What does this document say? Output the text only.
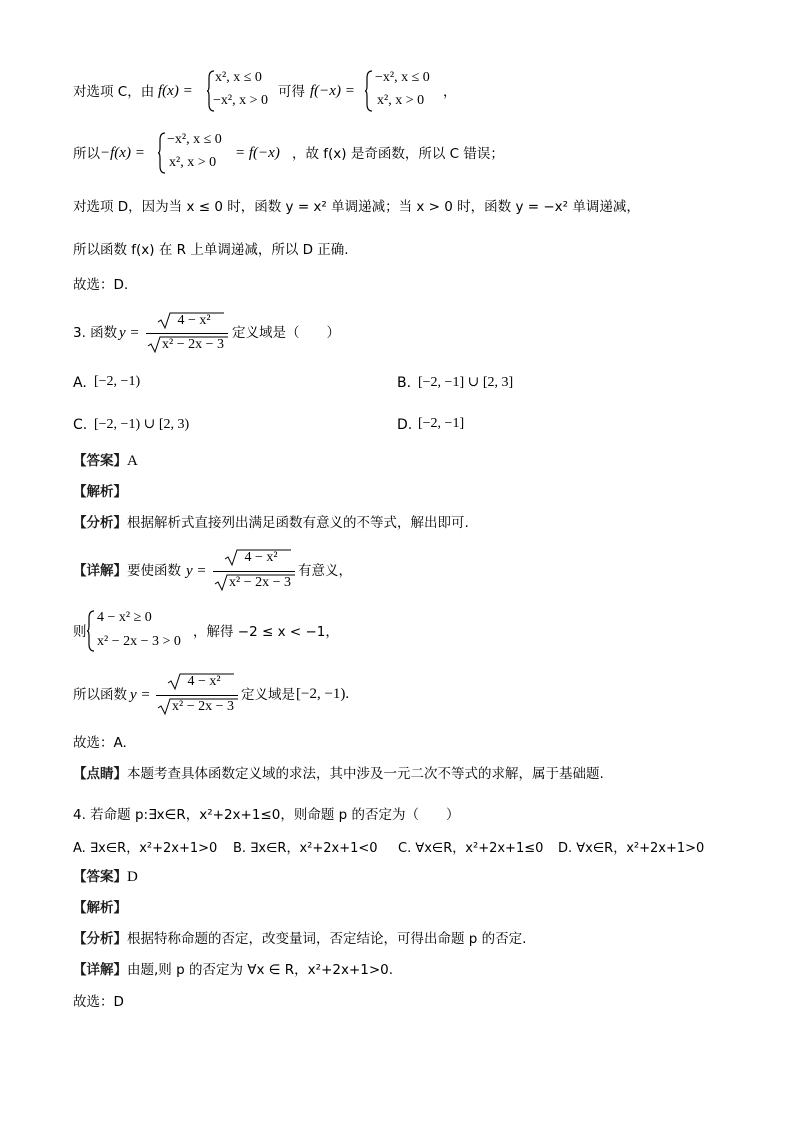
对选项 C，由 f(x) =
x², x ≤ 0
−x², x > 0
可得 f(−x) =
−x², x ≤ 0
x², x > 0
，
所以 −f(x) =
−x², x ≤ 0
x², x > 0
= f(−x) ，故 f(x) 是奇函数，所以 C 错误；
对选项 D，因为当 x ≤ 0 时，函数 y = x² 单调递减；当 x > 0 时，函数 y = −x² 单调递减，
所以函数 f(x) 在 R 上单调递减，所以 D 正确.
故选：D.
3. 函数 y =
4 − x²
x² − 2x − 3
定义域是（　　）
A. [−2, −1)	B. [−2, −1] ∪ [2, 3]
C. [−2, −1) ∪ [2, 3)	D. [−2, −1]
【答案】A
【解析】
【分析】根据解析式直接列出满足函数有意义的不等式，解出即可.
【详解】要使函数 y =
4 − x²
x² − 2x − 3
有意义，
则
4 − x² ≥ 0
x² − 2x − 3 > 0
，解得 −2 ≤ x < −1，
所以函数 y =
4 − x²
x² − 2x − 3
定义域是 [−2, −1).
故选：A.
【点睛】本题考查具体函数定义域的求法，其中涉及一元二次不等式的求解，属于基础题.
4. 若命题 p:∃x∈R，x²+2x+1≤0，则命题 p 的否定为（　　）
A. ∃x∈R，x²+2x+1>0 B. ∃x∈R，x²+2x+1<0 C. ∀x∈R，x²+2x+1≤0 D. ∀x∈R，x²+2x+1>0
【答案】D
【解析】
【分析】根据特称命题的否定，改变量词，否定结论，可得出命题 p 的否定.
【详解】由题,则 p 的否定为 ∀x ∈ R，x²+2x+1>0.
故选：D
